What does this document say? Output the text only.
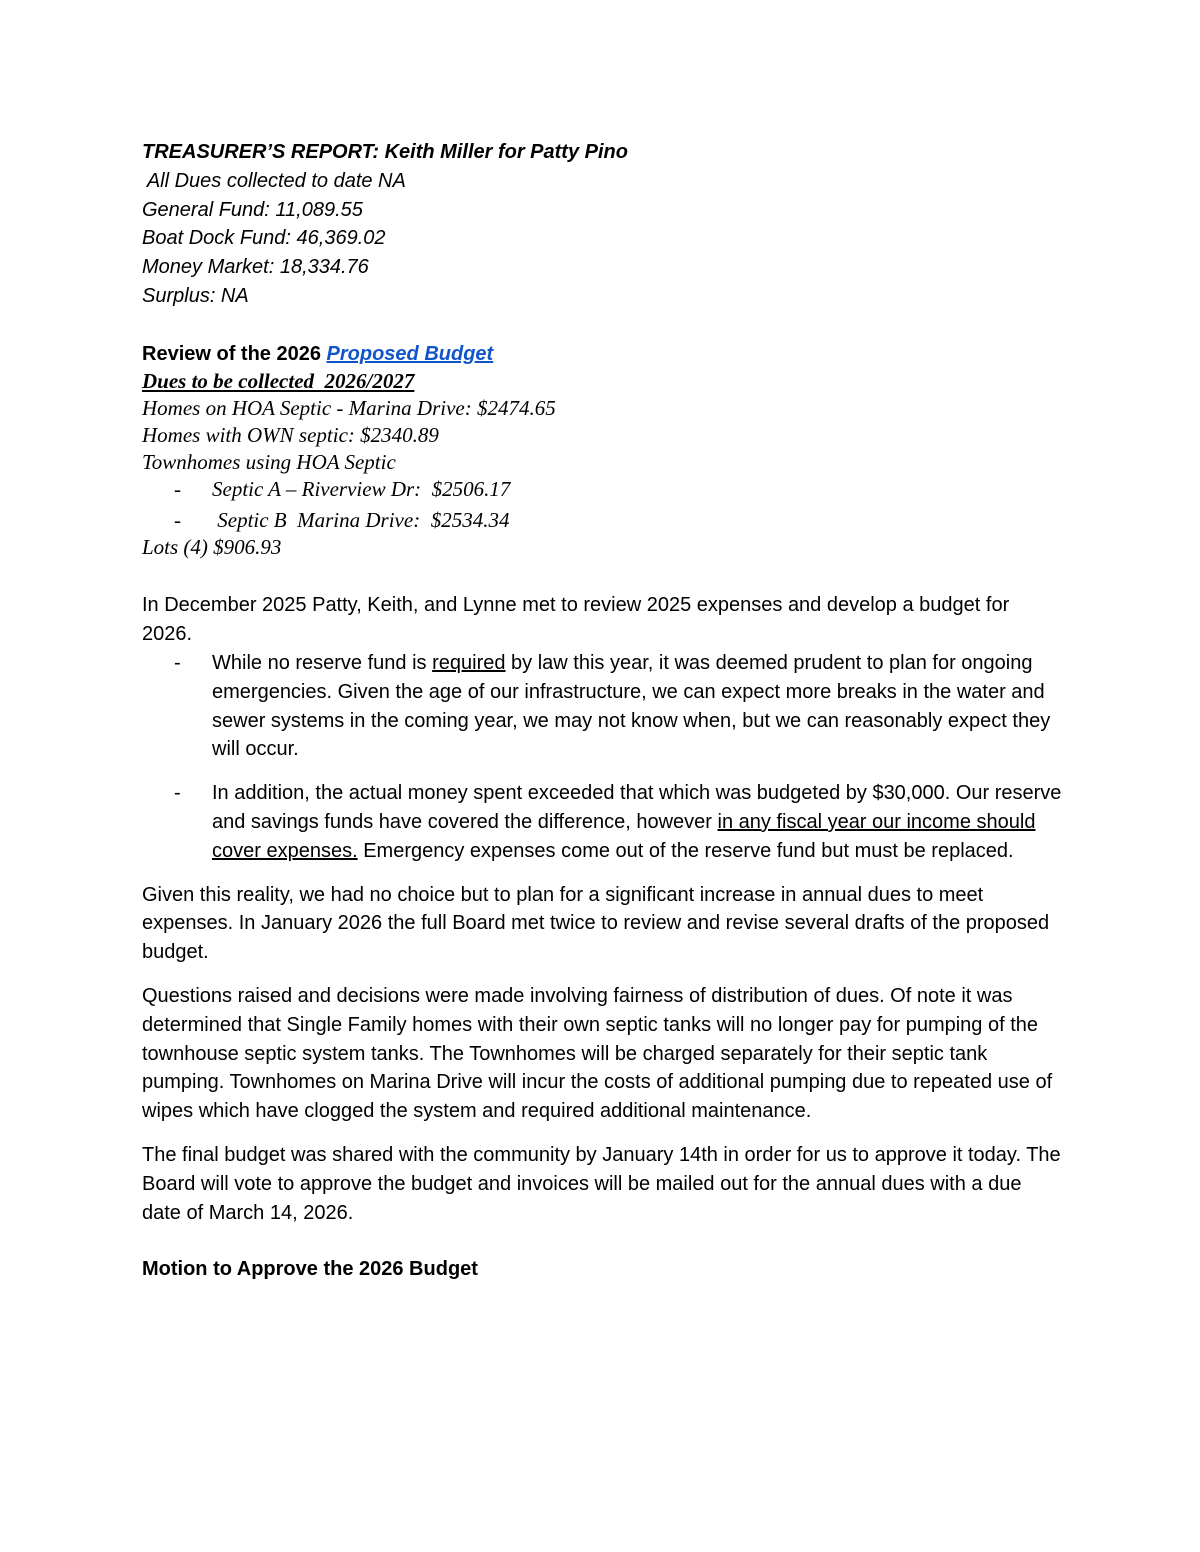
TREASURER’S REPORT: Keith Miller for Patty Pino

All Dues collected to date NA

General Fund: 11,089.55

Boat Dock Fund: 46,369.02

Money Market: 18,334.76

Surplus: NA

Review of the 2026 Proposed Budget

Dues to be collected  2026/2027

Homes on HOA Septic - Marina Drive: $2474.65

Homes with OWN septic: $2340.89

Townhomes using HOA Septic

-	Septic A – Riverview Dr:  $2506.17
-	Septic B  Marina Drive:  $2534.34

Lots (4) $906.93

In December 2025 Patty, Keith, and Lynne met to review 2025 expenses and develop a budget for 2026.

-	While no reserve fund is required by law this year, it was deemed prudent to plan for ongoing emergencies. Given the age of our infrastructure, we can expect more breaks in the water and sewer systems in the coming year, we may not know when, but we can reasonably expect they will occur.
-	In addition, the actual money spent exceeded that which was budgeted by $30,000. Our reserve and savings funds have covered the difference, however in any fiscal year our income should cover expenses. Emergency expenses come out of the reserve fund but must be replaced.

Given this reality, we had no choice but to plan for a significant increase in annual dues to meet expenses. In January 2026 the full Board met twice to review and revise several drafts of the proposed budget.

Questions raised and decisions were made involving fairness of distribution of dues. Of note it was determined that Single Family homes with their own septic tanks will no longer pay for pumping of the townhouse septic system tanks. The Townhomes will be charged separately for their septic tank pumping. Townhomes on Marina Drive will incur the costs of additional pumping due to repeated use of wipes which have clogged the system and required additional maintenance.

The final budget was shared with the community by January 14th in order for us to approve it today. The Board will vote to approve the budget and invoices will be mailed out for the annual dues with a due date of March 14, 2026.

Motion to Approve the 2026 Budget
